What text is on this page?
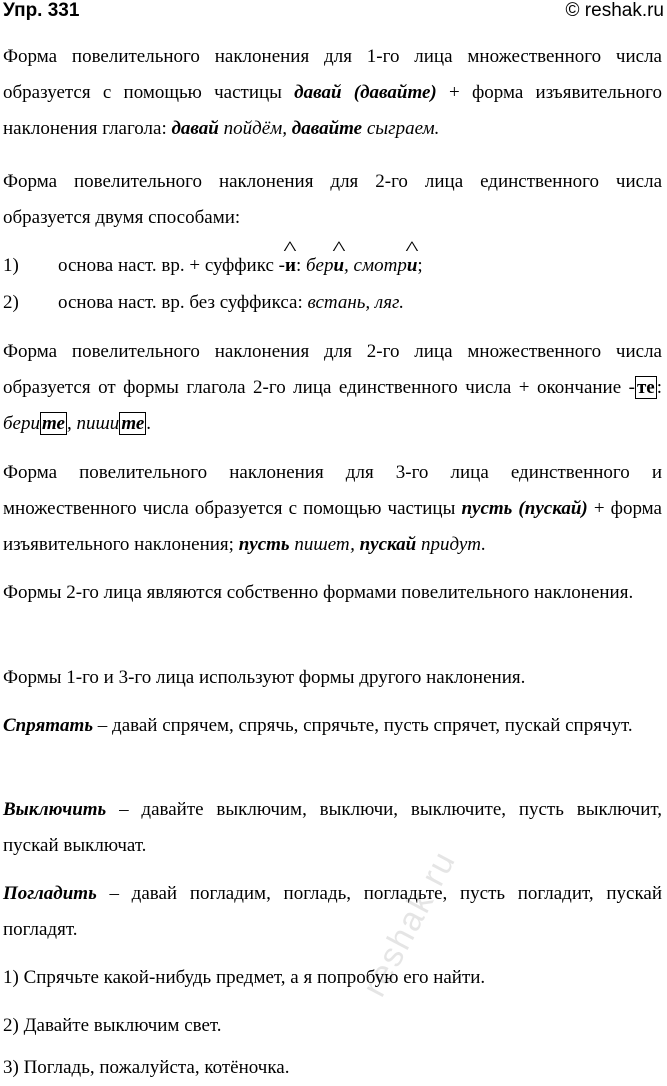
Упр. 331	© reshak.ru
Форма повелительного наклонения для 1-го лица множественного числа образуется с помощью частицы давай (давайте) + форма изъявительного наклонения глагола: давай пойдём, давайте сыграем.
Форма повелительного наклонения для 2-го лица единственного числа образуется двумя способами:
1) основа наст. вр. + суффикс -^ и: бер^ и, смотр^ и;
2) основа наст. вр. без суффикса: встань, ляг.
Форма повелительного наклонения для 2-го лица множественного числа образуется от формы глагола 2-го лица единственного числа + окончание - те : бери те , пиши те .
Форма повелительного наклонения для 3-го лица единственного и множественного числа образуется с помощью частицы пусть (пускай) + форма изъявительного наклонения; пусть пишет, пускай придут.
Формы 2-го лица являются собственно формами повелительного наклонения.
Формы 1-го и 3-го лица используют формы другого наклонения.
Спрятать – давай спрячем, спрячь, спрячьте, пусть спрячет, пускай спрячут.
Выключить – давайте выключим, выключи, выключите, пусть выключит, пускай выключат.
Погладить – давай погладим, погладь, погладьте, пусть погладит, пускай погладят.
1) Спрячьте какой-нибудь предмет, а я попробую его найти.
2) Давайте выключим свет.
3) Погладь, пожалуйста, котёночка.
reshak.ru
